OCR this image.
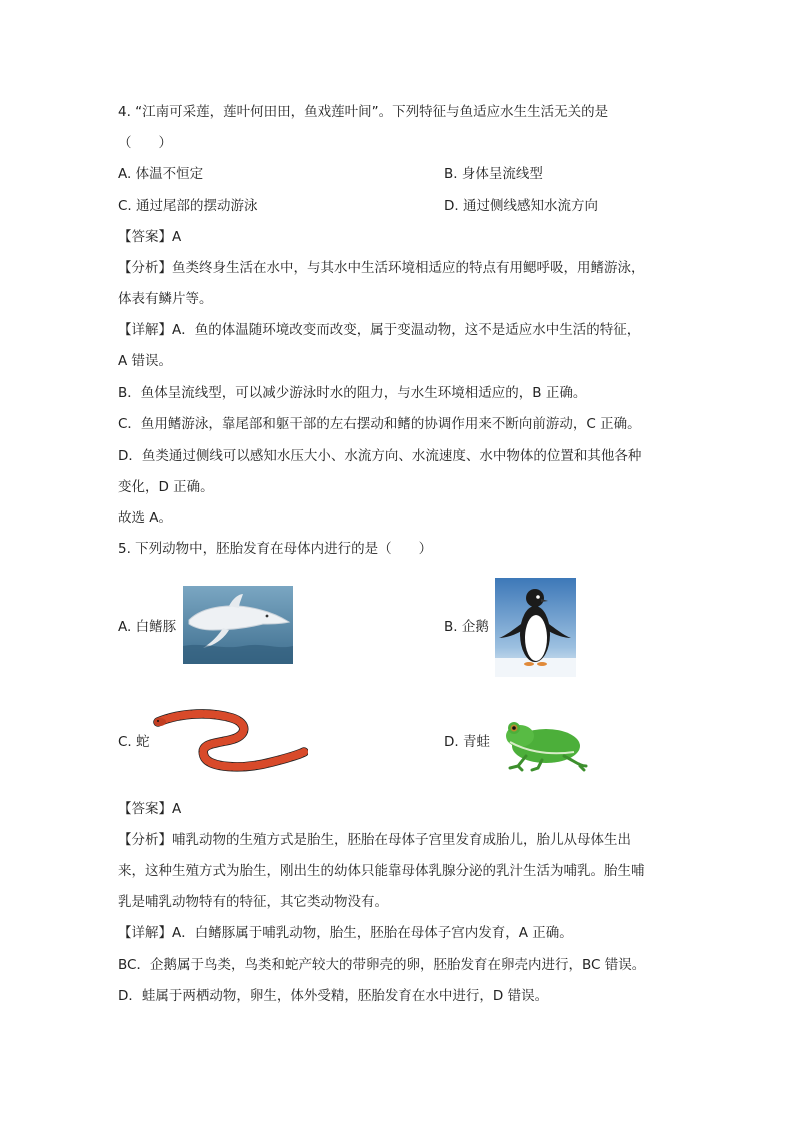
4. “江南可采莲，莲叶何田田，鱼戏莲叶间”。下列特征与鱼适应水生生活无关的是
（　　）
A. 体温不恒定	B. 身体呈流线型
C. 通过尾部的摆动游泳	D. 通过侧线感知水流方向
【答案】A
【分析】鱼类终身生活在水中，与其水中生活环境相适应的特点有用鳃呼吸，用鳍游泳，
体表有鳞片等。
【详解】A．鱼的体温随环境改变而改变，属于变温动物，这不是适应水中生活的特征，
A 错误。
B．鱼体呈流线型，可以减少游泳时水的阻力，与水生环境相适应的，B 正确。
C．鱼用鳍游泳，靠尾部和躯干部的左右摆动和鳍的协调作用来不断向前游动，C 正确。
D．鱼类通过侧线可以感知水压大小、水流方向、水流速度、水中物体的位置和其他各种
变化，D 正确。
故选 A。
5. 下列动物中，胚胎发育在母体内进行的是（　　）
A. 白鳍豚	B. 企鹅
C. 蛇	D. 青蛙
【答案】A
【分析】哺乳动物的生殖方式是胎生，胚胎在母体子宫里发育成胎儿，胎儿从母体生出
来，这种生殖方式为胎生，刚出生的幼体只能靠母体乳腺分泌的乳汁生活为哺乳。胎生哺
乳是哺乳动物特有的特征，其它类动物没有。
【详解】A．白鳍豚属于哺乳动物，胎生，胚胎在母体子宫内发育，A 正确。
BC．企鹅属于鸟类，鸟类和蛇产较大的带卵壳的卵，胚胎发育在卵壳内进行，BC 错误。
D．蛙属于两栖动物，卵生，体外受精，胚胎发育在水中进行，D 错误。
